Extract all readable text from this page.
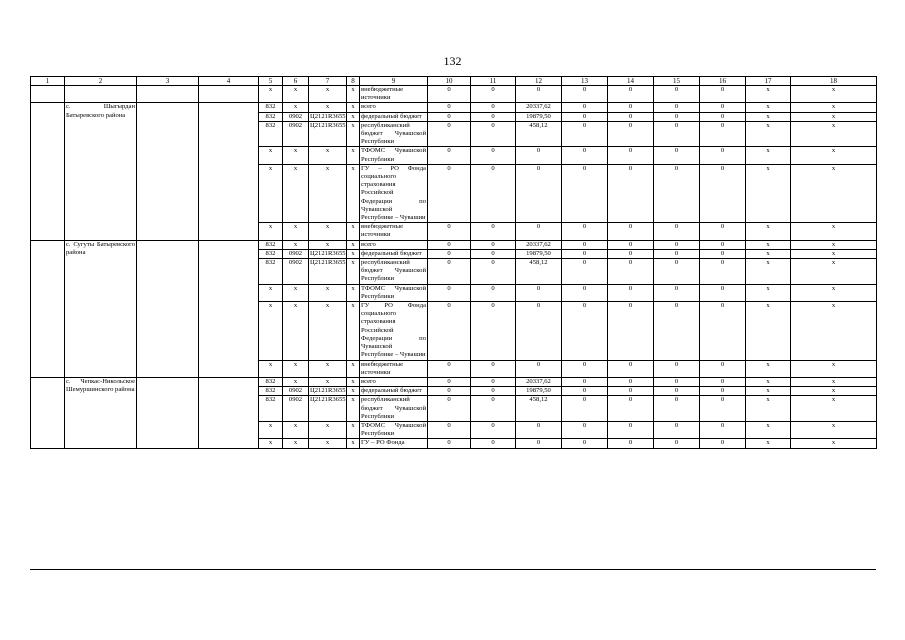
132
1	2	3	4	5	6	7	8	9	10	11	12	13	14	15	16	17	18
				x	x	x	x	внебюджетные источники	0	0	0	0	0	0	0	x	x
	с. Шыгырдан Батыревского района			832	x	x	x	всего	0	0	20337,62	0	0	0	0	x	x
				832	0902	Ц2121R3655	x	федеральный бюджет	0	0	19879,50	0	0	0	0	x	x
				832	0902	Ц2121R3655	x	республиканский бюджет Чувашской Республики	0	0	458,12	0	0	0	0	x	x
				x	x	x	x	ТФОМС Чувашской Республики	0	0	0	0	0	0	0	x	x
				x	x	x	x	ГУ – РО Фонда социального страхования Российской Федерации по Чувашской Республике – Чувашии	0	0	0	0	0	0	0	x	x
				x	x	x	x	внебюджетные источники	0	0	0	0	0	0	0	x	x
	с. Сугуты Батыревского района			832	x	x	x	всего	0	0	20337,62	0	0	0	0	x	x
				832	0902	Ц2121R3655	x	федеральный бюджет	0	0	19879,50	0	0	0	0	x	x
				832	0902	Ц2121R3655	x	республиканский бюджет Чувашской Республики	0	0	458,12	0	0	0	0	x	x
				x	x	x	x	ТФОМС Чувашской Республики	0	0	0	0	0	0	0	x	x
				x	x	x	x	ГУ РО Фонда социального страхования Российской Федерации по Чувашской Республике – Чувашии	0	0	0	0	0	0	0	x	x
				x	x	x	x	внебюджетные источники	0	0	0	0	0	0	0	x	x
	с. Чепкас-Никольское Шемуршинского района			832	x	x	x	всего	0	0	20337,62	0	0	0	0	x	x
				832	0902	Ц2121R3655	x	федеральный бюджет	0	0	19879,50	0	0	0	0	x	x
				832	0902	Ц2121R3655	x	республиканский бюджет Чувашской Республики	0	0	458,12	0	0	0	0	x	x
				x	x	x	x	ТФОМС Чувашской Республики	0	0	0	0	0	0	0	x	x
				x	x	x	x	ГУ – РО Фонда	0	0	0	0	0	0	0	x	x
